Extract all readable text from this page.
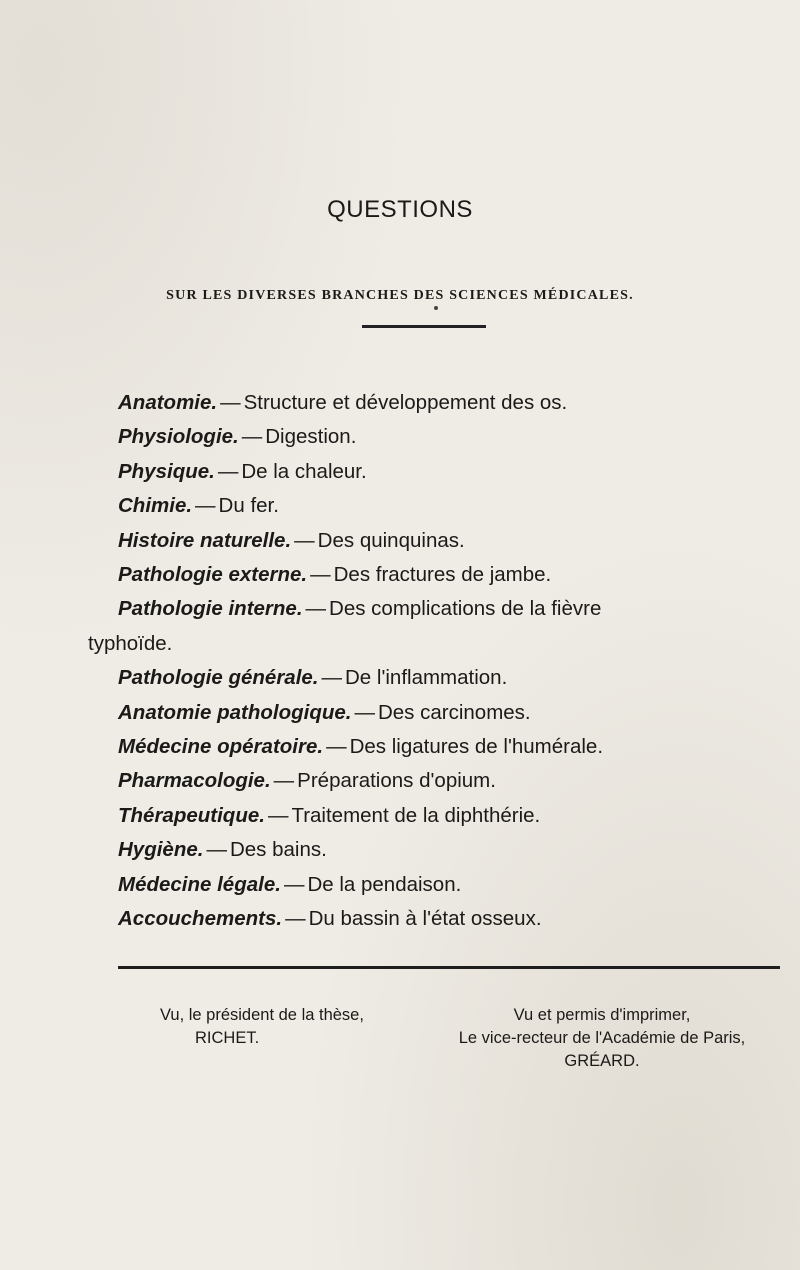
QUESTIONS
SUR LES DIVERSES BRANCHES DES SCIENCES MÉDICALES.
Anatomie. — Structure et développement des os.
Physiologie. — Digestion.
Physique. — De la chaleur.
Chimie. — Du fer.
Histoire naturelle. — Des quinquinas.
Pathologie externe. — Des fractures de jambe.
Pathologie interne. — Des complications de la fièvre
typhoïde.
Pathologie générale. — De l'inflammation.
Anatomie pathologique. — Des carcinomes.
Médecine opératoire. — Des ligatures de l'humérale.
Pharmacologie. — Préparations d'opium.
Thérapeutique. — Traitement de la diphthérie.
Hygiène. — Des bains.
Médecine légale. — De la pendaison.
Accouchements. — Du bassin à l'état osseux.
Vu, le président de la thèse,
RICHET.
Vu et permis d'imprimer,
Le vice-recteur de l'Académie de Paris,
GRÉARD.
